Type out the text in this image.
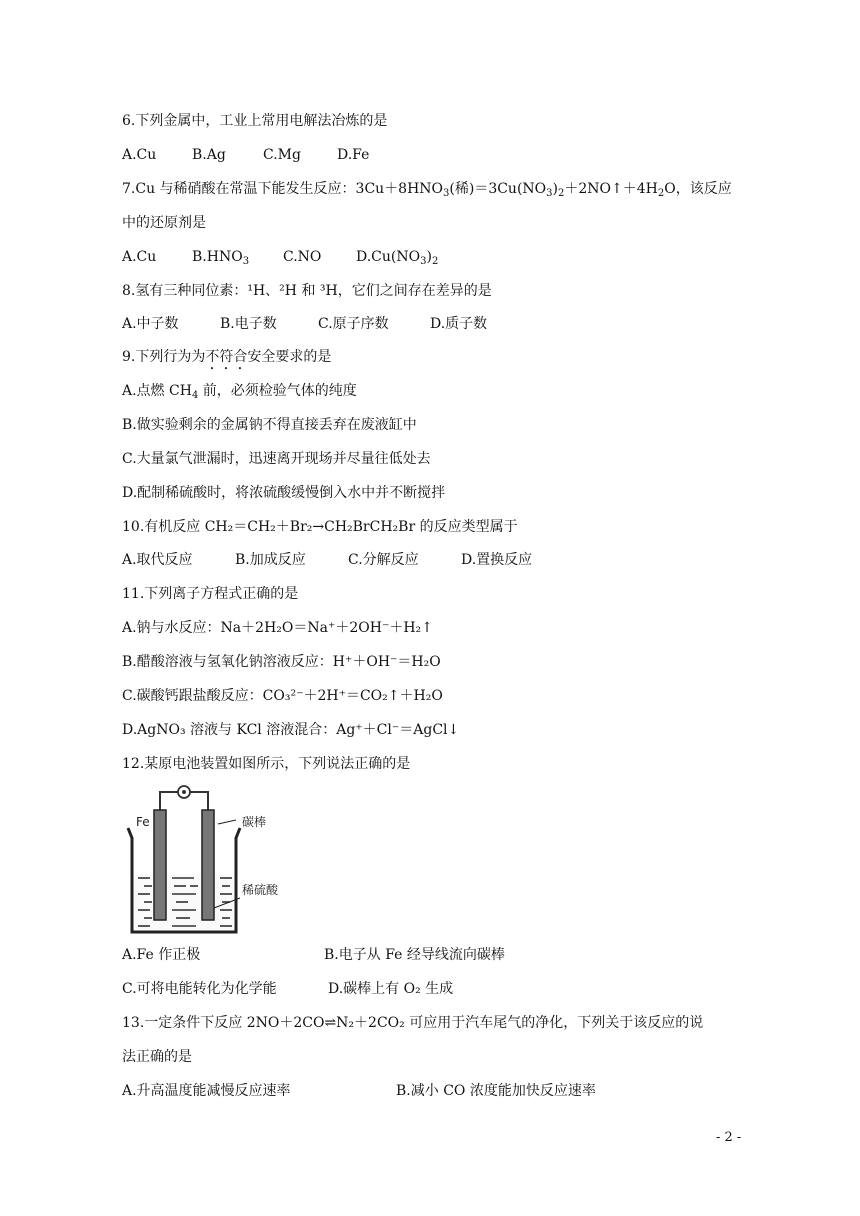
6.下列金属中，工业上常用电解法冶炼的是
A.Cu	B.Ag	C.Mg	D.Fe
7.Cu 与稀硝酸在常温下能发生反应：$3Cu+8HNO_3$(稀)$=3Cu(NO_3)_2+2NO↑+4H_2O$，该反应
中的还原剂是
A.Cu	$B.HNO_3$ C.NO $D.Cu(NO_3)_2$
8.氢有三种同位素：¹H、²H 和 ³H，它们之间存在差异的是
A.中子数	B.电子数	C.原子序数	D.质子数
9.下列行为为不符合安全要求的是
A.点燃 $CH_4$ 前，必须检验气体的纯度
B.做实验剩余的金属钠不得直接丢弃在废液缸中
C.大量氯气泄漏时，迅速离开现场并尽量往低处去
D.配制稀硫酸时，将浓硫酸缓慢倒入水中并不断搅拌
10.有机反应 CH₂＝CH₂＋Br₂→CH₂BrCH₂Br 的反应类型属于
A.取代反应	B.加成反应	C.分解反应	D.置换反应
11.下列离子方程式正确的是
A.钠与水反应：Na＋2H₂O＝Na⁺＋2OH⁻＋H₂↑
B.醋酸溶液与氢氧化钠溶液反应：H⁺＋OH⁻＝H₂O
C.碳酸钙跟盐酸反应：CO₃²⁻＋2H⁺＝CO₂↑＋H₂O
D.AgNO₃ 溶液与 KCl 溶液混合：Ag⁺＋Cl⁻＝AgCl↓
12.某原电池装置如图所示，下列说法正确的是
Fe	碳棒
稀硫酸
A.Fe 作正极	B.电子从 Fe 经导线流向碳棒
C.可将电能转化为化学能	D.碳棒上有 O₂ 生成
13.一定条件下反应 2NO＋2CO⇌N₂＋2CO₂ 可应用于汽车尾气的净化，下列关于该反应的说
法正确的是
A.升高温度能减慢反应速率	B.减小 CO 浓度能加快反应速率
- 2 -
